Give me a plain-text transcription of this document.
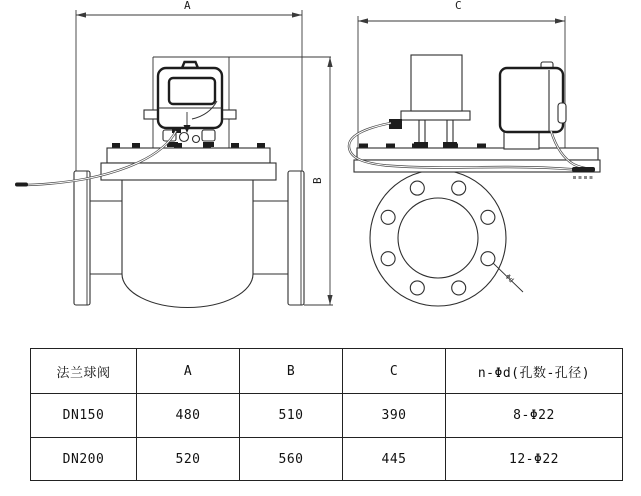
A
B
C
Φd
法兰球阀	A	B	C	n-Φd(孔数-孔径)
DN150	480	510	390	8-Φ22
DN200	520	560	445	12-Φ22
